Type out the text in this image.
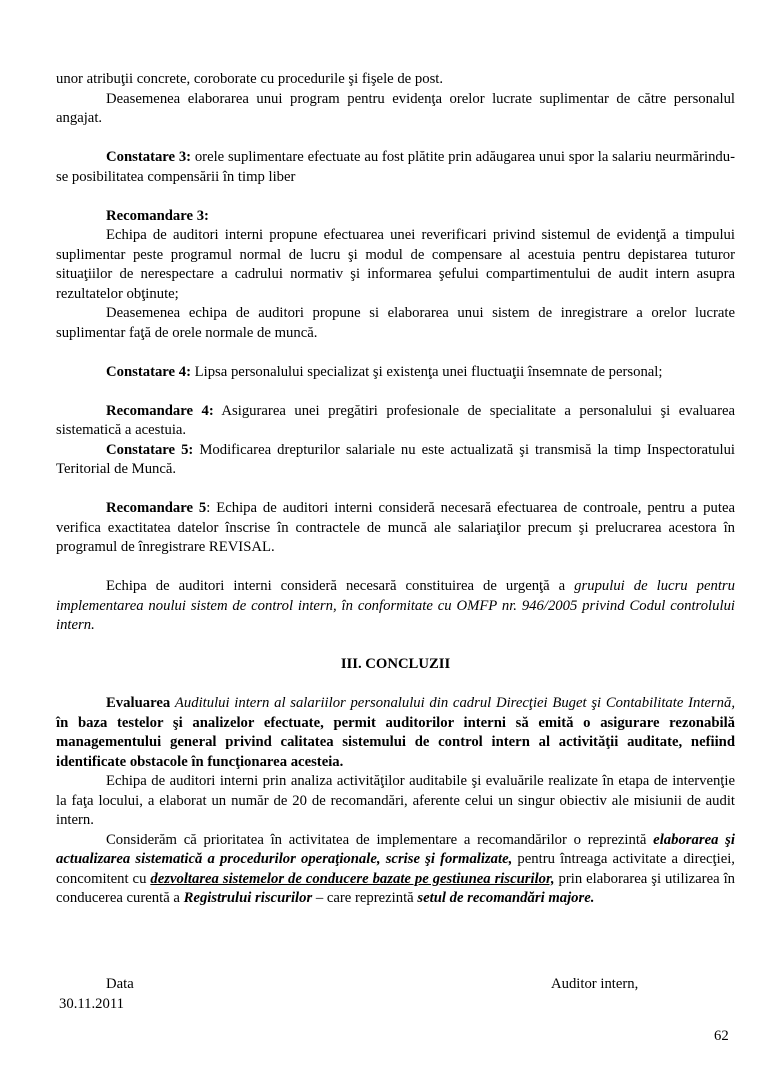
unor atribuţii concrete, coroborate cu procedurile şi fişele de post.

Deasemenea elaborarea unui program pentru evidenţa orelor lucrate suplimentar de către personalul angajat.

Constatare 3: orele suplimentare efectuate au fost plătite prin adăugarea unui spor la salariu neurmărindu-se posibilitatea compensării în timp liber

Recomandare 3:

Echipa de auditori interni propune efectuarea unei reverificari privind sistemul de evidenţă a timpului suplimentar peste programul normal de lucru şi modul de compensare al acestuia pentru depistarea tuturor situaţiilor de nerespectare a cadrului normativ şi informarea şefului compartimentului de audit intern asupra rezultatelor obţinute;

Deasemenea echipa de auditori propune si elaborarea unui sistem de inregistrare a orelor lucrate suplimentar faţă de orele normale de muncă.

Constatare 4: Lipsa personalului specializat şi existenţa unei fluctuaţii însemnate de personal;

Recomandare 4: Asigurarea unei pregătiri profesionale de specialitate a personalului şi evaluarea sistematică a acestuia.

Constatare 5: Modificarea drepturilor salariale nu este actualizată şi transmisă la timp Inspectoratului Teritorial de Muncă.

Recomandare 5: Echipa de auditori interni consideră necesară efectuarea de controale, pentru a putea verifica exactitatea datelor înscrise în contractele de muncă ale salariaţilor precum şi prelucrarea acestora în programul de înregistrare REVISAL.

Echipa de auditori interni consideră necesară constituirea de urgenţă a grupului de lucru pentru implementarea noului sistem de control intern, în conformitate cu OMFP nr. 946/2005 privind Codul controlului intern.

III. CONCLUZII

Evaluarea Auditului intern al salariilor personalului din cadrul Direcţiei Buget şi Contabilitate Internă, în baza testelor şi analizelor efectuate, permit auditorilor interni să emită o asigurare rezonabilă managementului general privind calitatea sistemului de control intern al activităţii auditate, nefiind identificate obstacole în funcţionarea acesteia.

Echipa de auditori interni prin analiza activităţilor auditabile şi evaluările realizate în etapa de intervenţie la faţa locului, a elaborat un număr de 20 de recomandări, aferente celui un singur obiectiv ale misiunii de audit intern.

Considerăm că prioritatea în activitatea de implementare a recomandărilor o reprezintă elaborarea şi actualizarea sistematică a procedurilor operaţionale, scrise şi formalizate, pentru întreaga activitate a direcţiei, concomitent cu dezvoltarea sistemelor de conducere bazate pe gestiunea riscurilor, prin elaborarea şi utilizarea în conducerea curentă a Registrului riscurilor – care reprezintă setul de recomandări majore.

Data
30.11.2011
Auditor intern,
62
